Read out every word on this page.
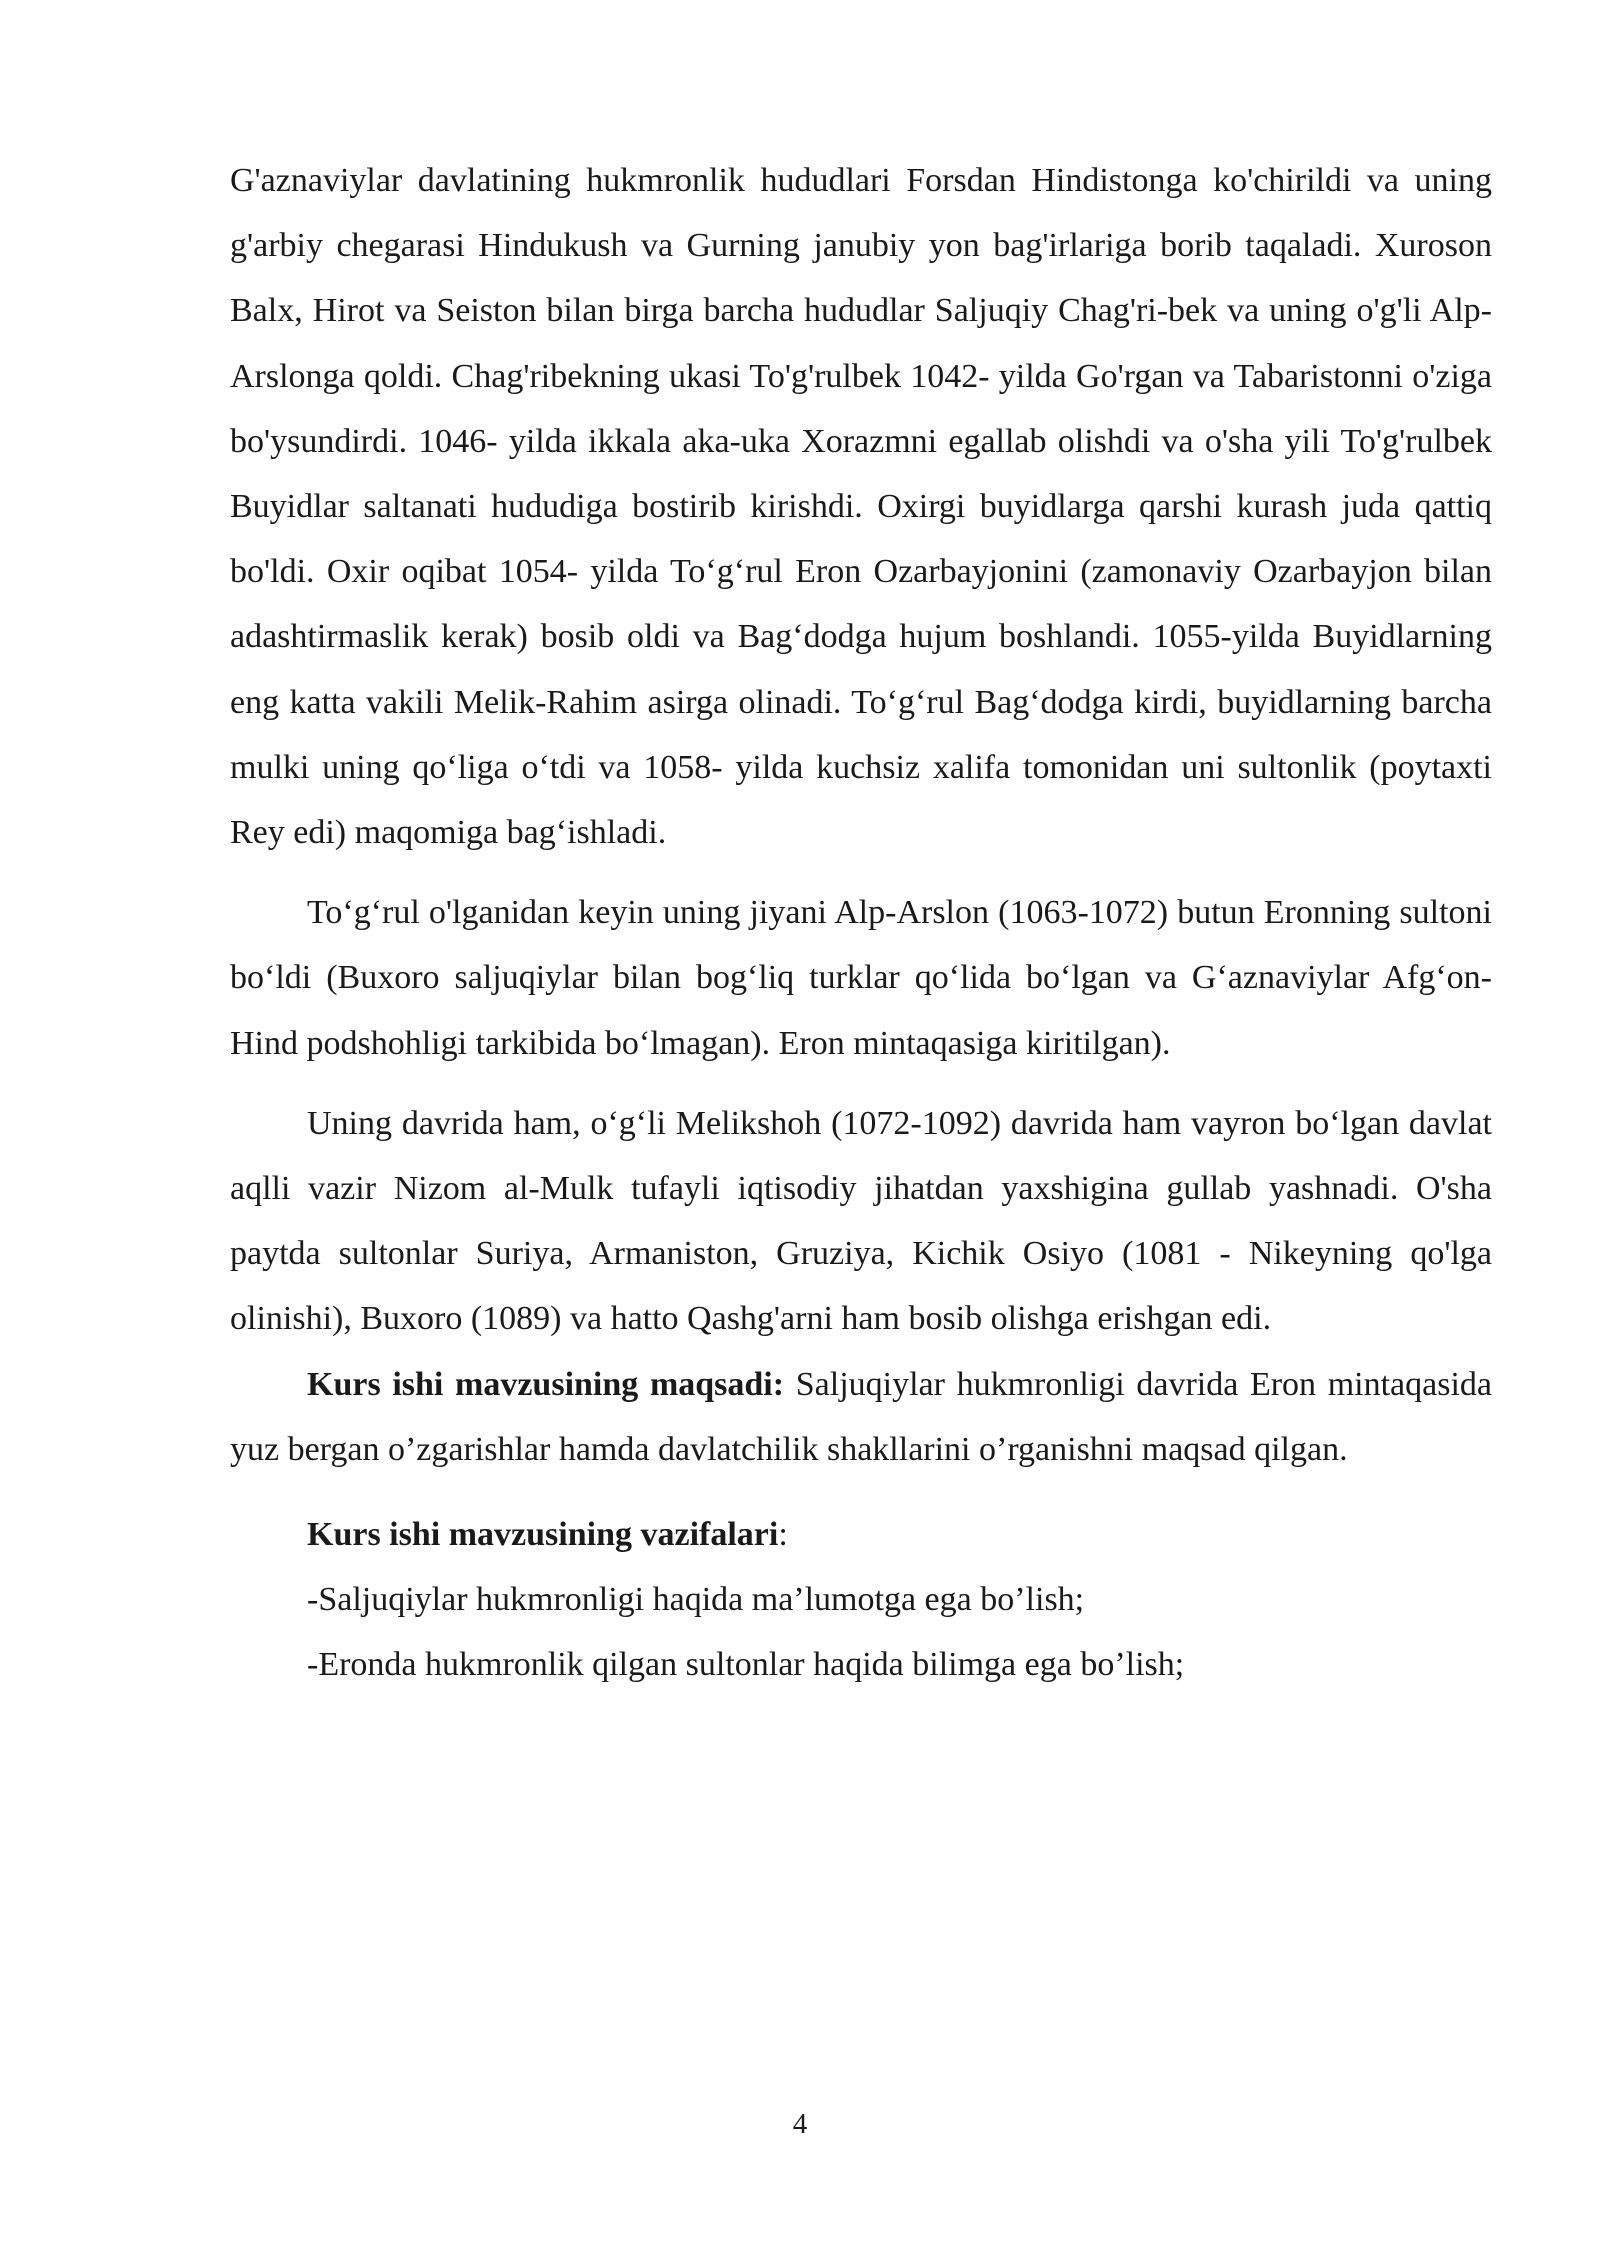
G'aznaviylar davlatining hukmronlik hududlari Forsdan Hindistonga ko'chirildi va uning g'arbiy chegarasi Hindukush va Gurning janubiy yon bag'irlariga borib taqaladi. Xuroson Balx, Hirot va Seiston bilan birga barcha hududlar Saljuqiy Chag'ri-bek va uning o'g'li Alp- Arslonga qoldi. Chag'ribekning ukasi To'g'rulbek 1042- yilda Go'rgan va Tabaristonni o'ziga bo'ysundirdi. 1046- yilda ikkala aka-uka Xorazmni egallab olishdi va o'sha yili To'g'rulbek Buyidlar saltanati hududiga bostirib kirishdi. Oxirgi buyidlarga qarshi kurash juda qattiq bo'ldi. Oxir oqibat 1054- yilda To‘g‘rul Eron Ozarbayjonini (zamonaviy Ozarbayjon bilan adashtirmaslik kerak) bosib oldi va Bag‘dodga hujum boshlandi. 1055-yilda Buyidlarning eng katta vakili Melik-Rahim asirga olinadi. To‘g‘rul Bag‘dodga kirdi, buyidlarning barcha mulki uning qo‘liga o‘tdi va 1058- yilda kuchsiz xalifa tomonidan uni sultonlik (poytaxti Rey edi) maqomiga bag‘ishladi.

To‘g‘rul o'lganidan keyin uning jiyani Alp-Arslon (1063-1072) butun Eronning sultoni bo‘ldi (Buxoro saljuqiylar bilan bog‘liq turklar qo‘lida bo‘lgan va G‘aznaviylar Afg‘on-Hind podshohligi tarkibida bo‘lmagan). Eron mintaqasiga kiritilgan).

Uning davrida ham, o‘g‘li Melikshoh (1072-1092) davrida ham vayron bo‘lgan davlat aqlli vazir Nizom al-Mulk tufayli iqtisodiy jihatdan yaxshigina gullab yashnadi. O'sha paytda sultonlar Suriya, Armaniston, Gruziya, Kichik Osiyo (1081 - Nikeyning qo'lga olinishi), Buxoro (1089) va hatto Qashg'arni ham bosib olishga erishgan edi.

Kurs ishi mavzusining maqsadi: Saljuqiylar hukmronligi davrida Eron mintaqasida yuz bergan o’zgarishlar hamda davlatchilik shakllarini o’rganishni maqsad qilgan.

Kurs ishi mavzusining vazifalari:

-Saljuqiylar hukmronligi haqida ma’lumotga ega bo’lish;

-Eronda hukmronlik qilgan sultonlar haqida bilimga ega bo’lish;

4
